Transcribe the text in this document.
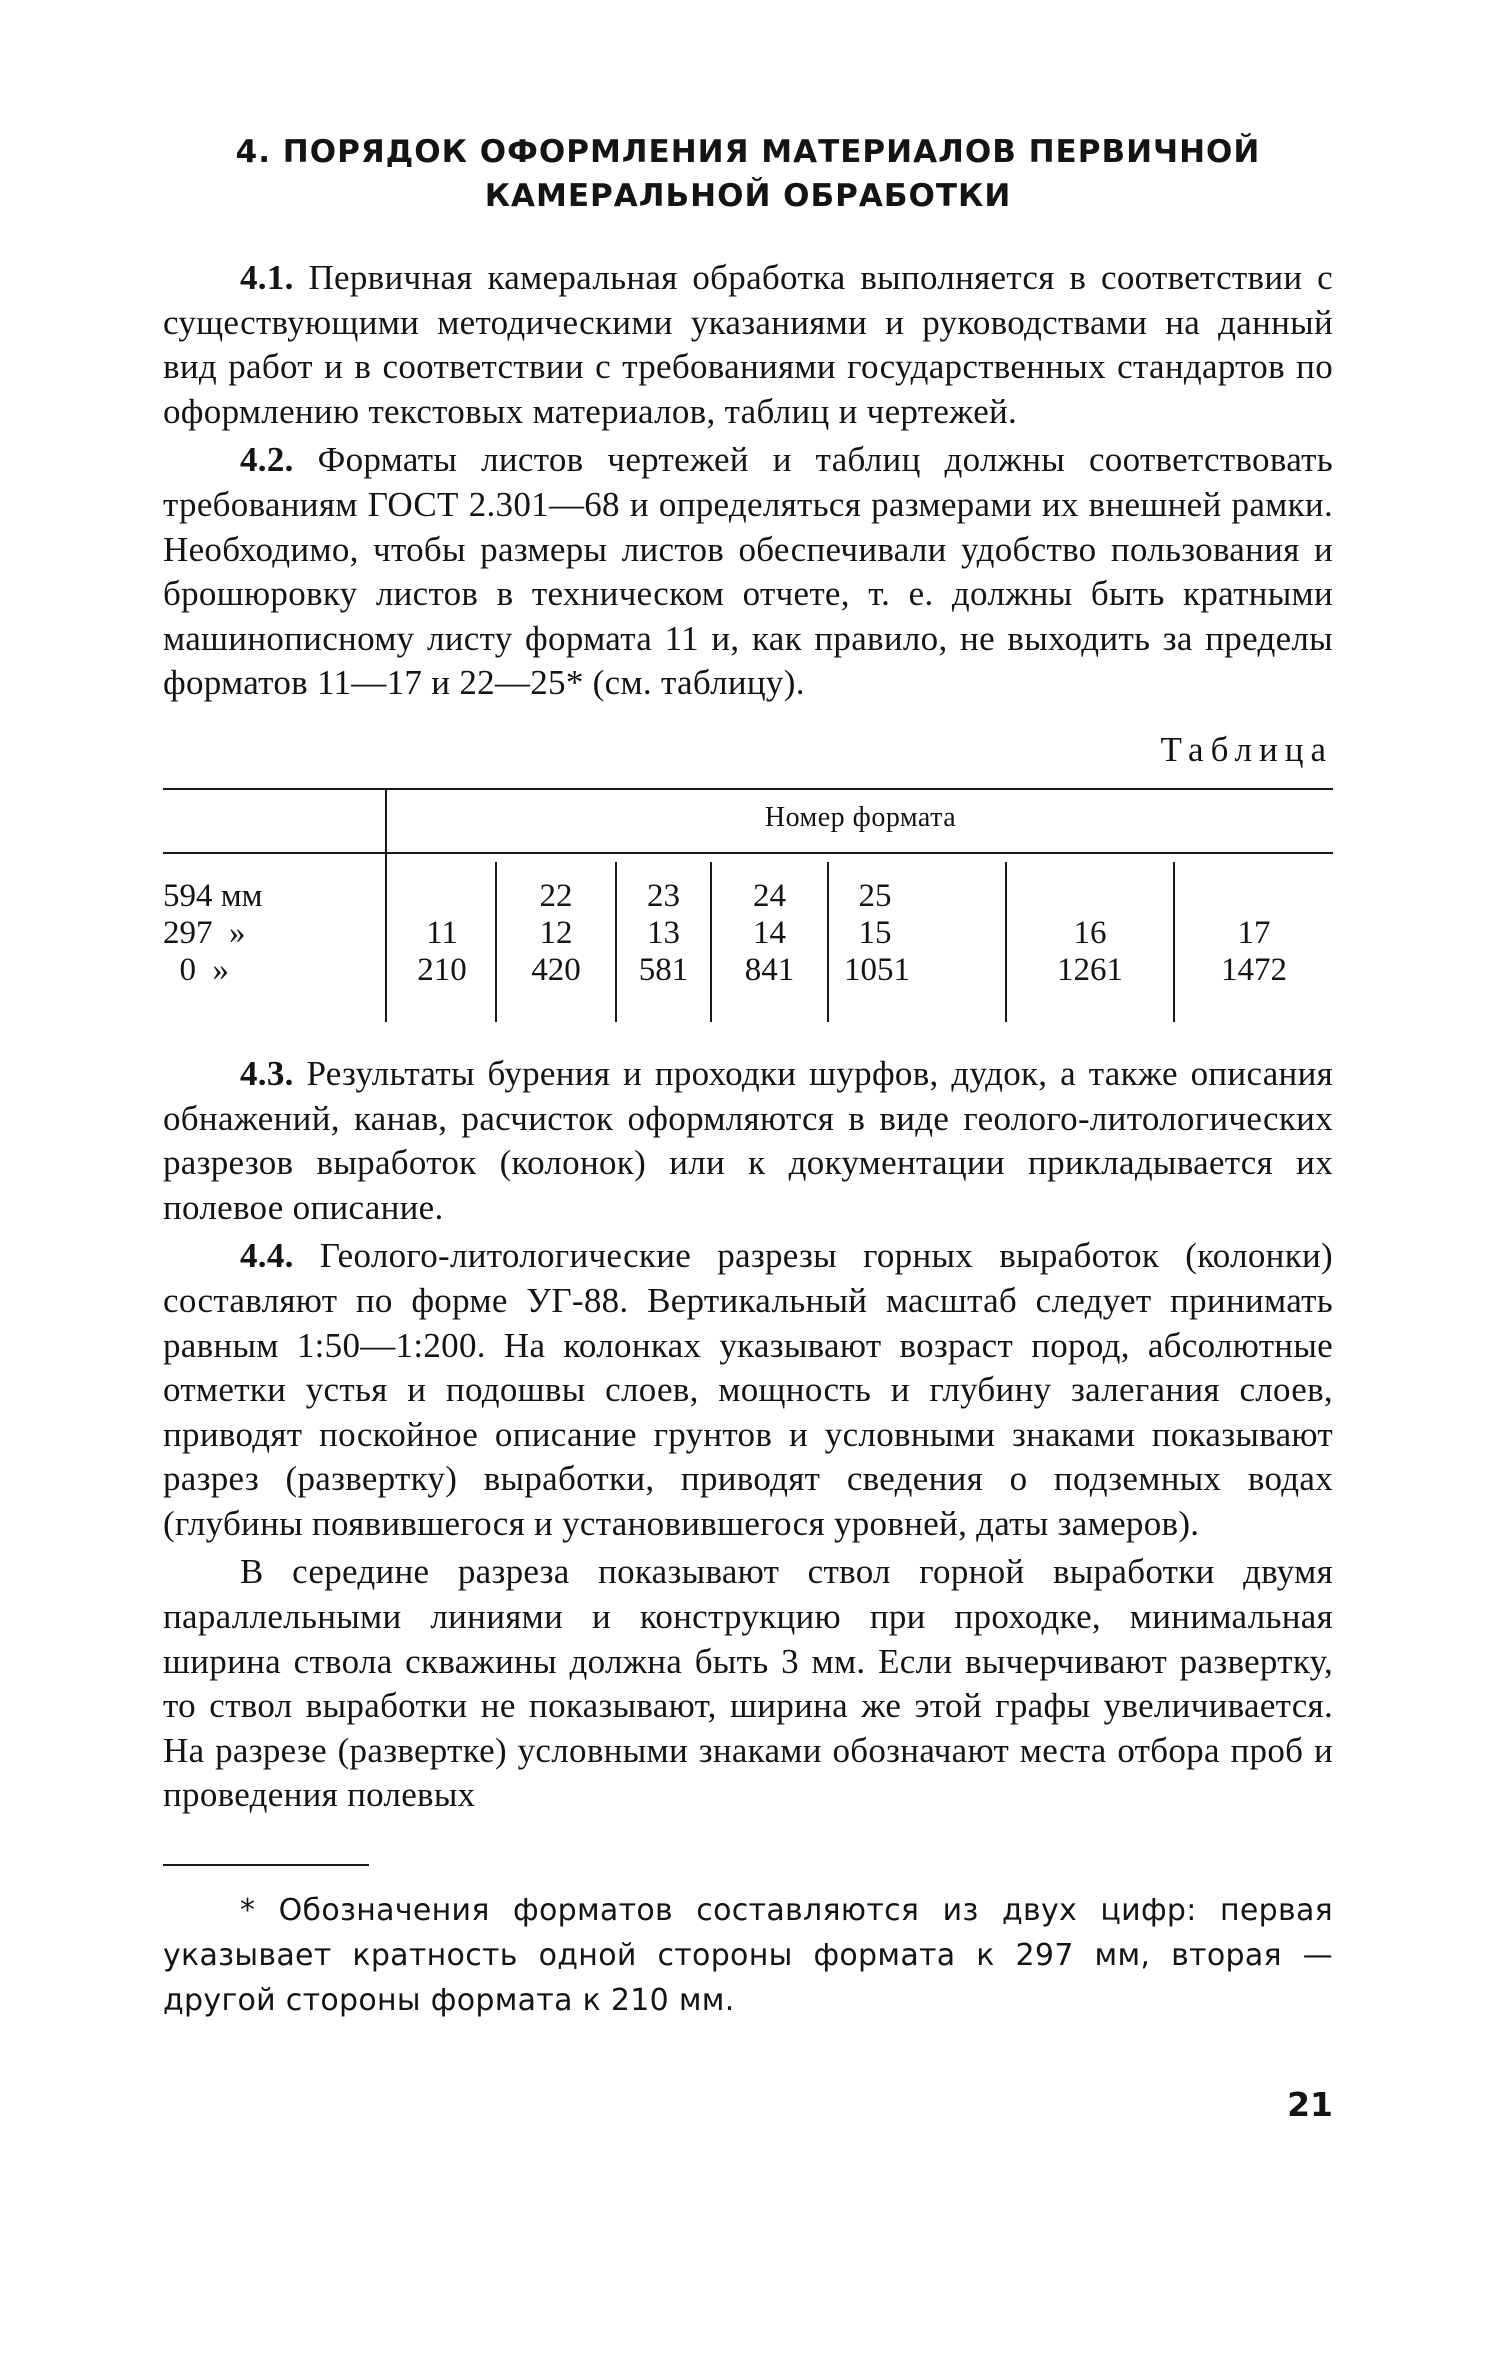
4. ПОРЯДОК ОФОРМЛЕНИЯ МАТЕРИАЛОВ ПЕРВИЧНОЙ
КАМЕРАЛЬНОЙ ОБРАБОТКИ

4.1. Первичная камеральная обработка выполняется в соответствии с существующими методическими указаниями и руководствами на данный вид работ и в соответствии с требованиями государственных стандартов по оформлению текстовых материалов, таблиц и чертежей.

4.2. Форматы листов чертежей и таблиц должны соответствовать требованиям ГОСТ 2.301—68 и определяться размерами их внешней рамки. Необходимо, чтобы размеры листов обеспечивали удобство пользования и брошюровку листов в техническом отчете, т. е. должны быть кратными машинописному листу формата 11 и, как правило, не выходить за пределы форматов 11—17 и 22—25* (см. таблицу).

Таблица
Номер формата
594 мм
297  »
0  »
11
210
22
12
420
23
13
581
24
14
841
25
15
1051
16
1261
17
1472

4.3. Результаты бурения и проходки шурфов, дудок, а также описания обнажений, канав, расчисток оформляются в виде геолого-литологических разрезов выработок (колонок) или к документации прикладывается их полевое описание.

4.4. Геолого-литологические разрезы горных выработок (колонки) составляют по форме УГ-88. Вертикальный масштаб следует принимать равным 1:50—1:200. На колонках указывают возраст пород, абсолютные отметки устья и подошвы слоев, мощность и глубину залегания слоев, приводят поскойное описание грунтов и условными знаками показывают разрез (развертку) выработки, приводят сведения о подземных водах (глубины появившегося и установившегося уровней, даты замеров).

В середине разреза показывают ствол горной выработки двумя параллельными линиями и конструкцию при проходке, минимальная ширина ствола скважины должна быть 3 мм. Если вычерчивают развертку, то ствол выработки не показывают, ширина же этой графы увеличивается. На разрезе (развертке) условными знаками обозначают места отбора проб и проведения полевых

* Обозначения форматов составляются из двух цифр: первая указывает кратность одной стороны формата к 297 мм, вторая — другой стороны формата к 210 мм.

21
